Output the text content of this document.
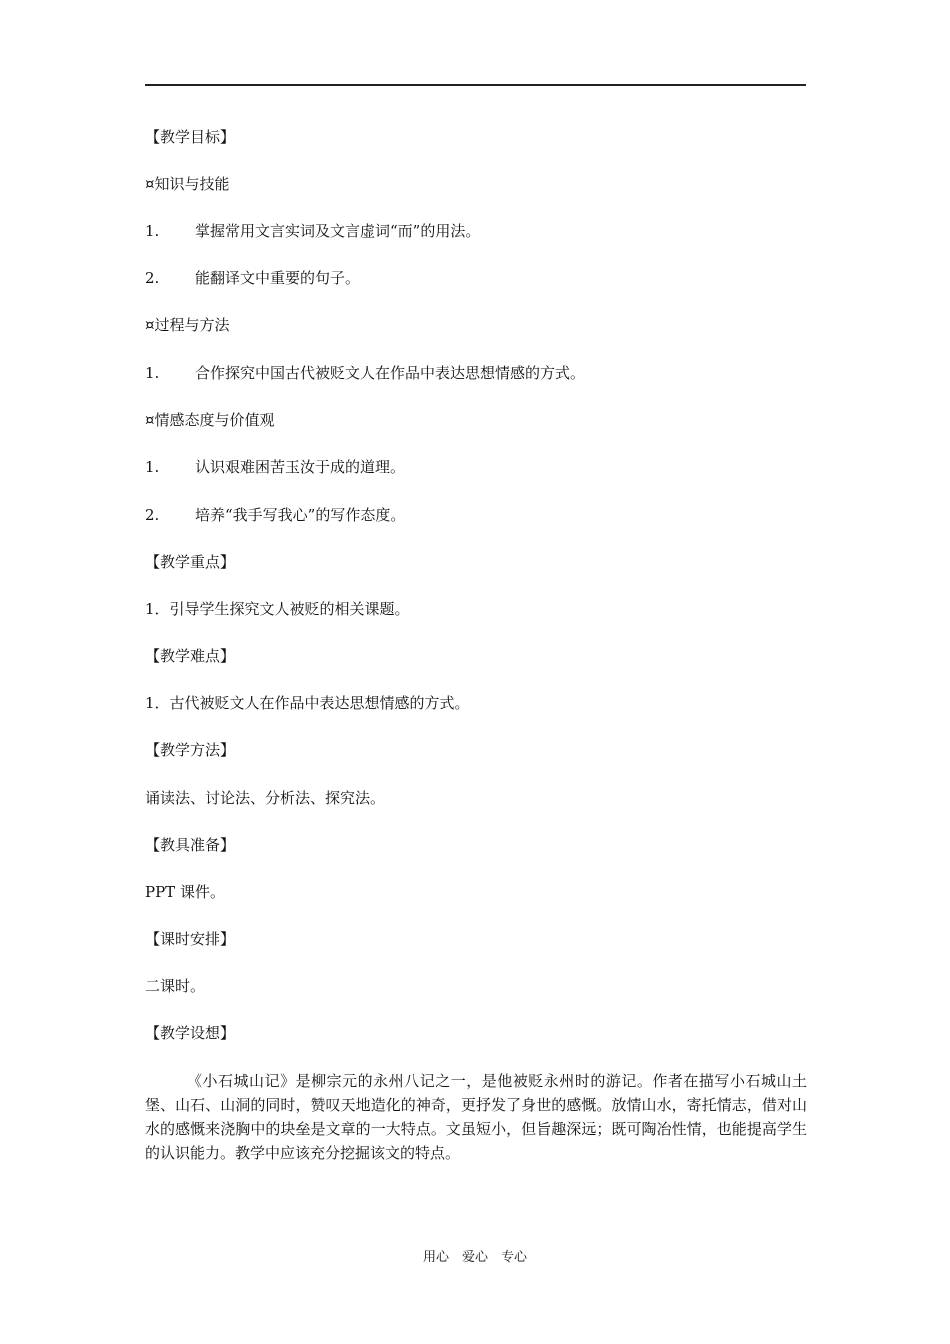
【教学目标】
¤知识与技能
1. 掌握常用文言实词及文言虚词“而”的用法。
2. 能翻译文中重要的句子。
¤过程与方法
1. 合作探究中国古代被贬文人在作品中表达思想情感的方式。
¤情感态度与价值观
1. 认识艰难困苦玉汝于成的道理。
2. 培养“我手写我心”的写作态度。
【教学重点】
1．引导学生探究文人被贬的相关课题。
【教学难点】
1．古代被贬文人在作品中表达思想情感的方式。
【教学方法】
诵读法、讨论法、分析法、探究法。
【教具准备】
PPT 课件。
【课时安排】
二课时。
【教学设想】
《小石城山记》是柳宗元的永州八记之一，是他被贬永州时的游记。作者在描写小石城山土堡、山石、山洞的同时，赞叹天地造化的神奇，更抒发了身世的感慨。放情山水，寄托情志，借对山水的感慨来浇胸中的块垒是文章的一大特点。文虽短小，但旨趣深远；既可陶冶性情，也能提高学生的认识能力。教学中应该充分挖掘该文的特点。
用心　爱心　专心
